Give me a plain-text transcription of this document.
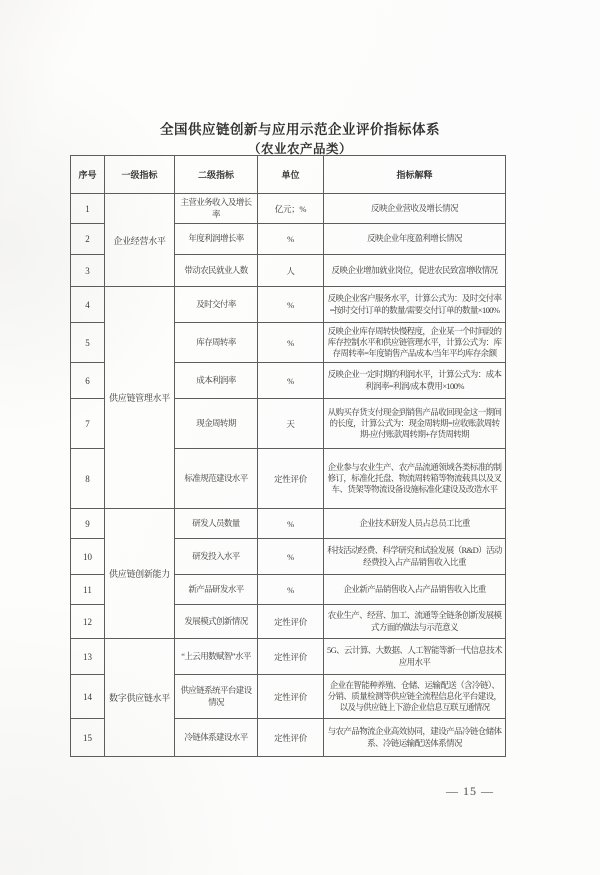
全国供应链创新与应用示范企业评价指标体系
（农业农产品类）
序号	一级指标	二级指标	单位	指标解释
1	企业经营水平	主营业务收入及增长率	亿元；%	反映企业营收及增长情况
2		年度利润增长率	%	反映企业年度盈利增长情况
3		带动农民就业人数	人	反映企业增加就业岗位，促进农民致富增收情况
4	供应链管理水平	及时交付率	%	反映企业客户服务水平，计算公式为：及时交付率=按时交付订单的数量/需要交付订单的数量×100%
5		库存周转率	%	反映企业库存周转快慢程度，企业某一个时间段的库存控制水平和供应链管理水平，计算公式为：库存周转率=年度销售产品成本/当年平均库存余额
6		成本利润率	%	反映企业一定时期的利润水平，计算公式为：成本利润率=利润/成本费用×100%
7		现金周转期	天	从购买存货支付现金到销售产品收回现金这一期间的长度，计算公式为：现金周转期=应收账款周转期-应付账款周转期+存货周转期
8		标准规范建设水平	定性评价	企业参与农业生产、农产品流通领域各类标准的制修订，标准化托盘、物流周转箱等物流载具以及叉车、货架等物流设备设施标准化建设及改造水平
9	供应链创新能力	研发人员数量	%	企业技术研发人员占总员工比重
10		研发投入水平	%	科技活动经费、科学研究和试验发展（R&D）活动经费投入占产品销售收入比重
11		新产品研发水平	%	企业新产品销售收入占产品销售收入比重
12		发展模式创新情况	定性评价	农业生产、经营、加工、流通等全链条创新发展模式方面的做法与示范意义
13	数字供应链水平	“上云用数赋智”水平	定性评价	5G、云计算、大数据、人工智能等新一代信息技术应用水平
14		供应链系统平台建设情况	定性评价	企业在智能种养殖、仓储、运输配送（含冷链）、分销、质量检测等供应链全流程信息化平台建设，以及与供应链上下游企业信息互联互通情况
15		冷链体系建设水平	定性评价	与农产品物流企业高效协同，建设产品冷链仓储体系、冷链运输配送体系情况
— 15 —
